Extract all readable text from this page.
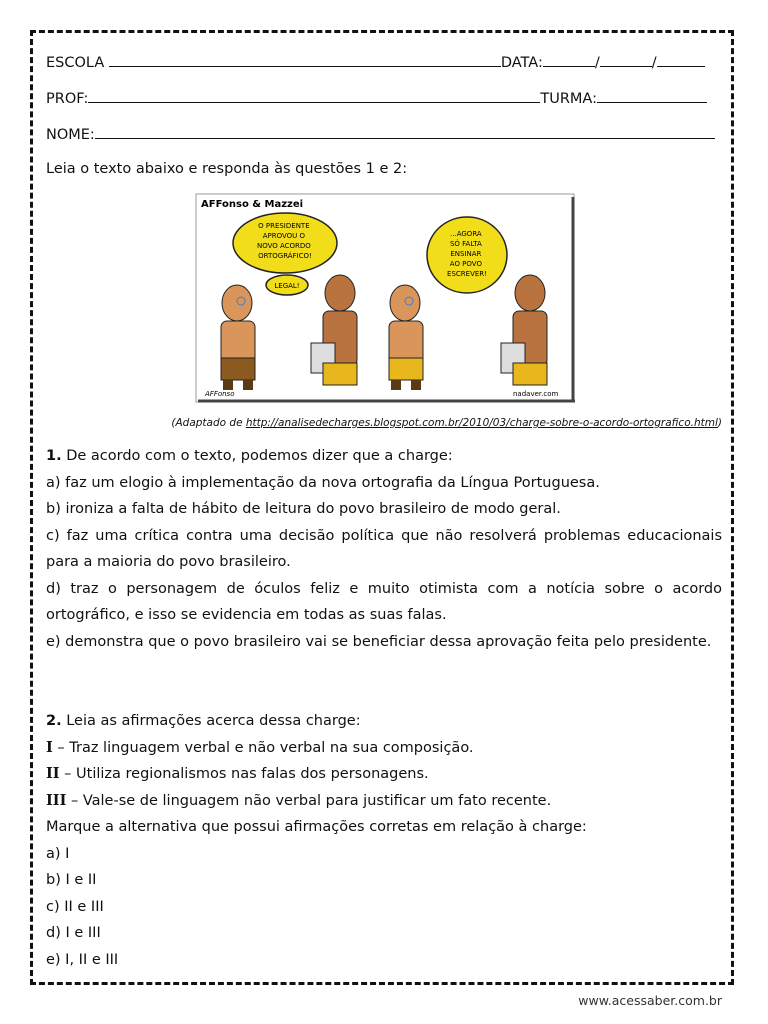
ESCOLA	DATA:	/	/
PROF:	TURMA:
NOME:
Leia o texto abaixo e responda às questões 1 e 2:
AFFonso & Mazzei
O PRESIDENTE APROVOU O NOVO ACORDO ORTOGRÁFICO!
LEGAL!
...AGORA SÓ FALTA ENSINAR AO POVO ESCREVER!
AFFonso	nadaver.com
(Adaptado de http://analisedecharges.blogspot.com.br/2010/03/charge-sobre-o-acordo-ortografico.html)
1. De acordo com o texto, podemos dizer que a charge:
a) faz um elogio à implementação da nova ortografia da Língua Portuguesa.
b) ironiza a falta de hábito de leitura do povo brasileiro de modo geral.
c) faz uma crítica contra uma decisão política que não resolverá problemas educacionais para a maioria do povo brasileiro.
d) traz o personagem de óculos feliz e muito otimista com a notícia sobre o acordo ortográfico, e isso se evidencia em todas as suas falas.
e) demonstra que o povo brasileiro vai se beneficiar dessa aprovação feita pelo presidente.
2. Leia as afirmações acerca dessa charge:
I – Traz linguagem verbal e não verbal na sua composição.
II – Utiliza regionalismos nas falas dos personagens.
III – Vale-se de linguagem não verbal para justificar um fato recente.
Marque a alternativa que possui afirmações corretas em relação à charge:
a) I
b) I e II
c) II e III
d) I e III
e) I, II e III
www.acessaber.com.br
